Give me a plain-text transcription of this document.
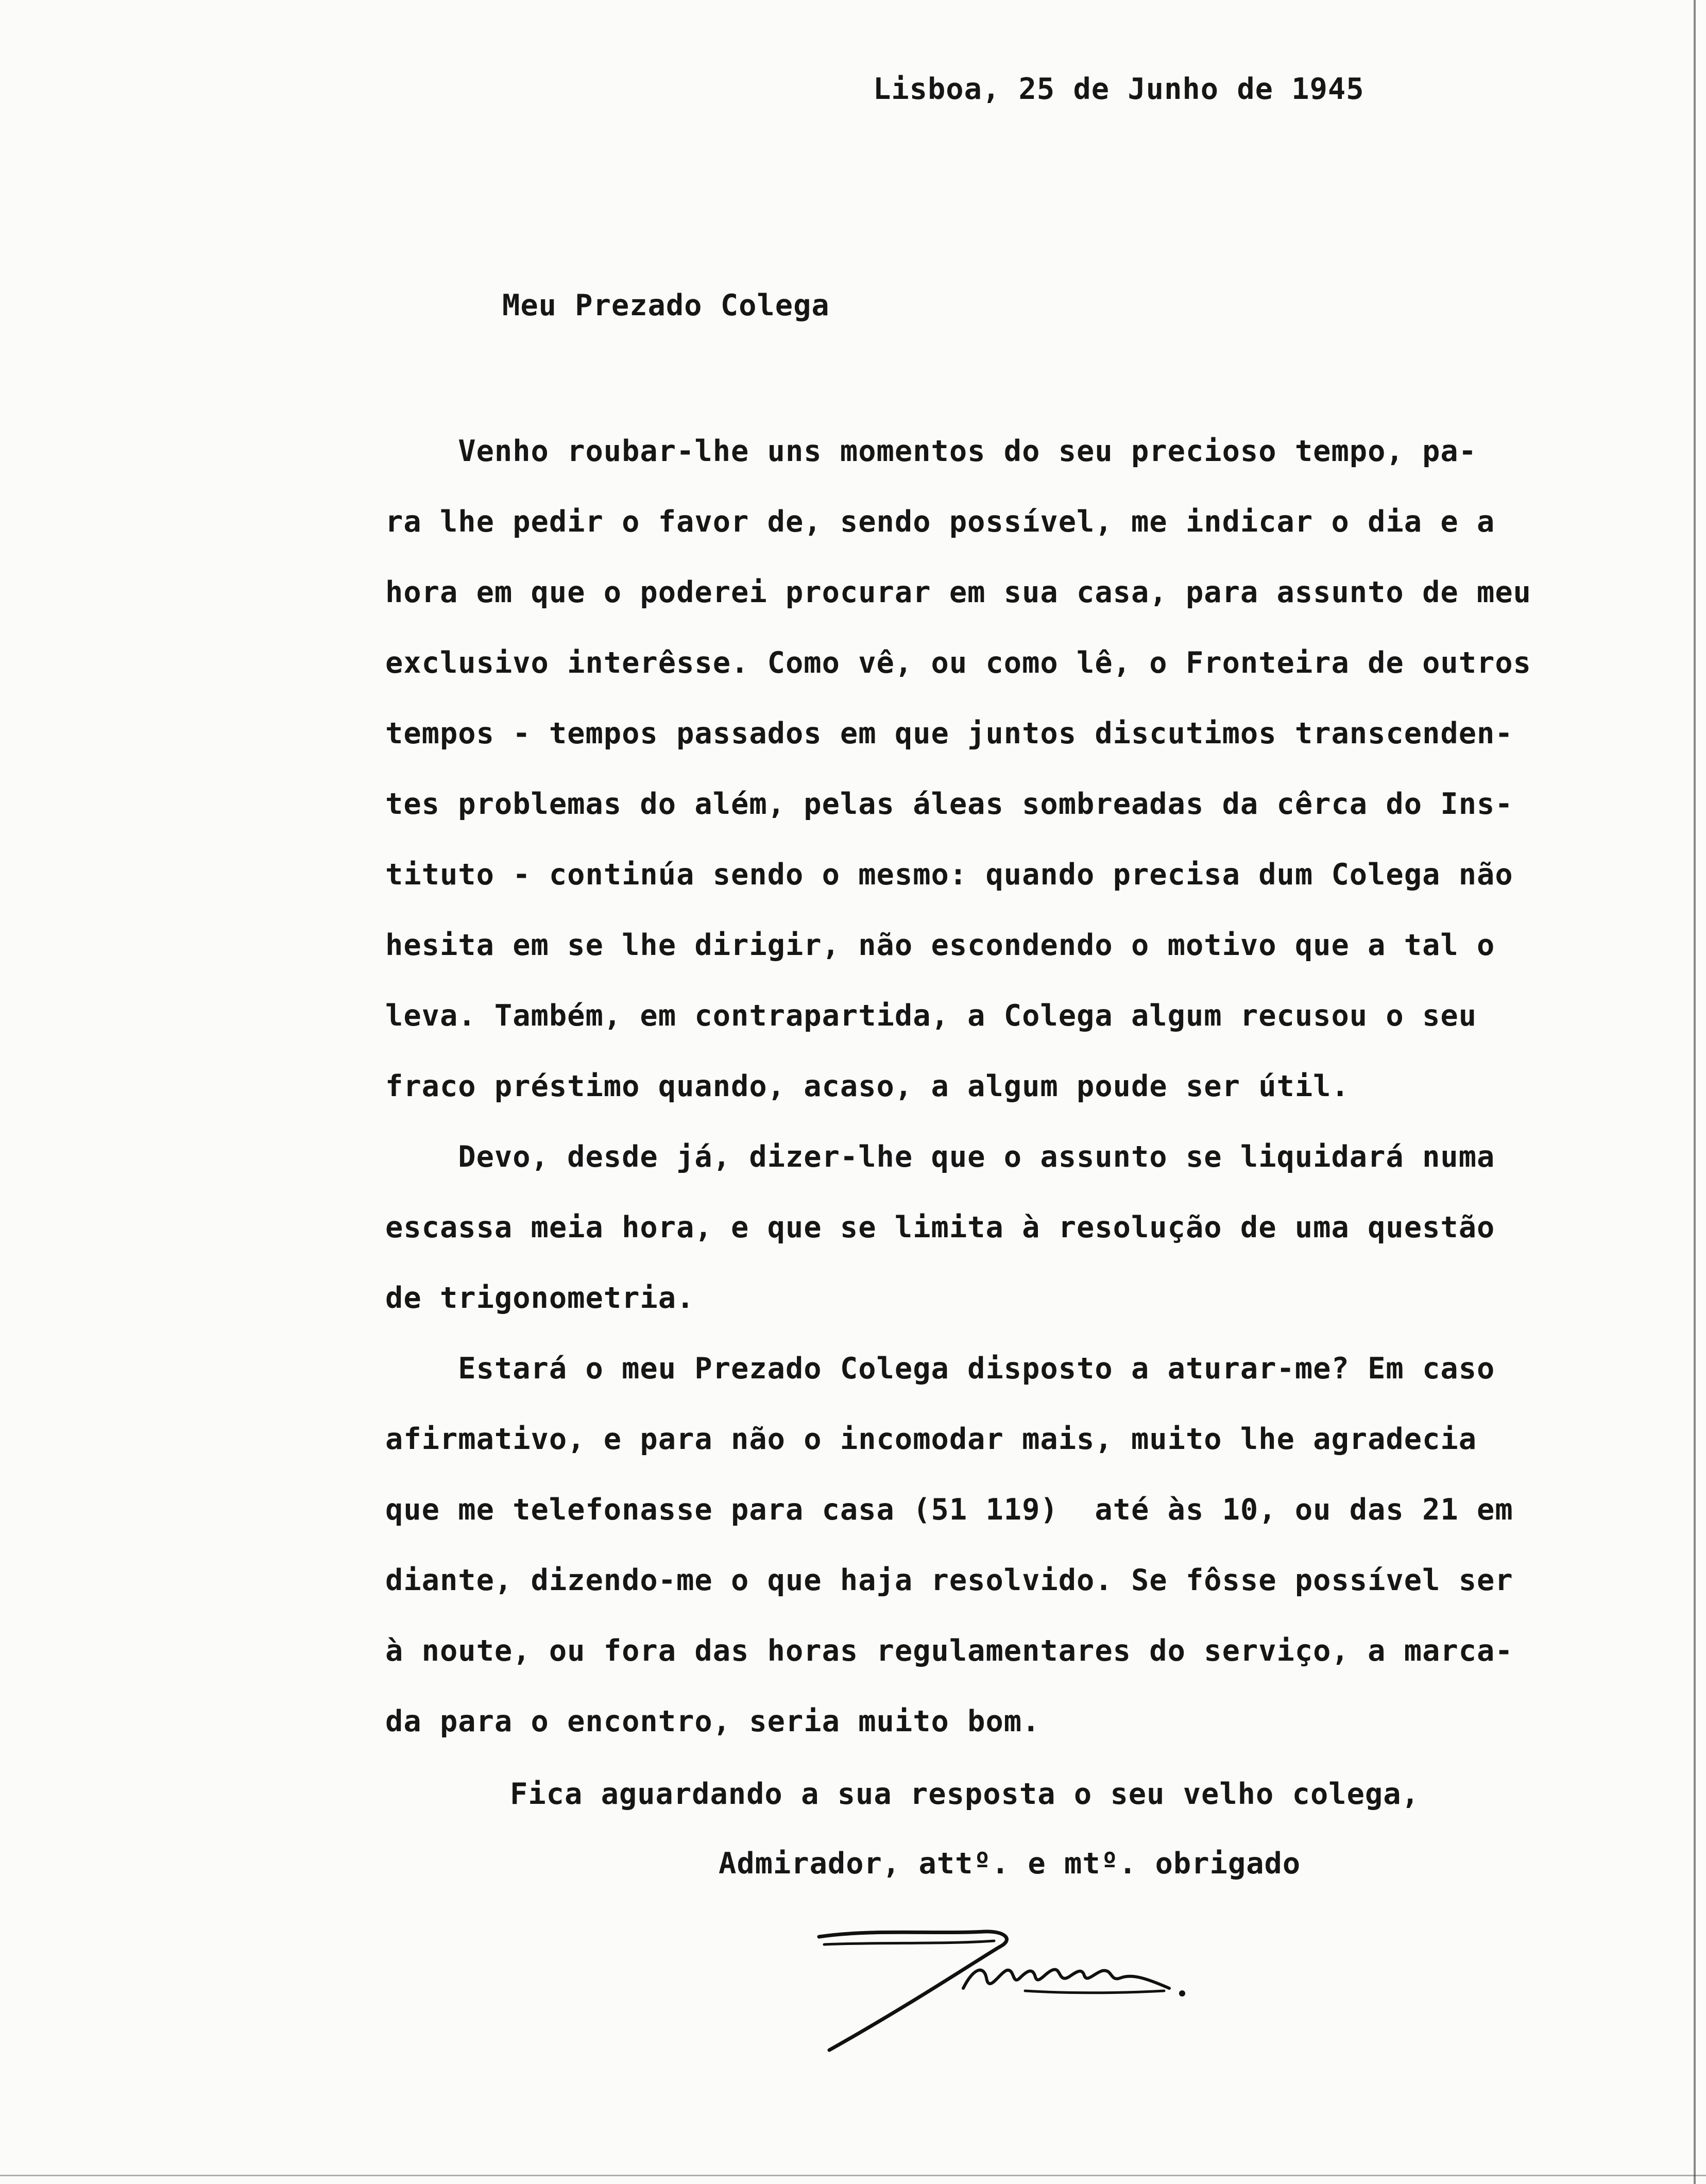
Lisboa, 25 de Junho de 1945

Meu Prezado Colega

Venho roubar-lhe uns momentos do seu precioso tempo, pa-

ra lhe pedir o favor de, sendo possível, me indicar o dia e a

hora em que o poderei procurar em sua casa, para assunto de meu

exclusivo interêsse. Como vê, ou como lê, o Fronteira de outros

tempos - tempos passados em que juntos discutimos transcenden-

tes problemas do além, pelas áleas sombreadas da cêrca do Ins-

tituto - continúa sendo o mesmo: quando precisa dum Colega não

hesita em se lhe dirigir, não escondendo o motivo que a tal o

leva. Também, em contrapartida, a Colega algum recusou o seu

fraco préstimo quando, acaso, a algum poude ser útil.

Devo, desde já, dizer-lhe que o assunto se liquidará numa

escassa meia hora, e que se limita à resolução de uma questão

de trigonometria.

Estará o meu Prezado Colega disposto a aturar-me? Em caso

afirmativo, e para não o incomodar mais, muito lhe agradecia

que me telefonasse para casa (51 119)  até às 10, ou das 21 em

diante, dizendo-me o que haja resolvido. Se fôsse possível ser

à noute, ou fora das horas regulamentares do serviço, a marca-

da para o encontro, seria muito bom.

Fica aguardando a sua resposta o seu velho colega,

Admirador, attº. e mtº. obrigado
